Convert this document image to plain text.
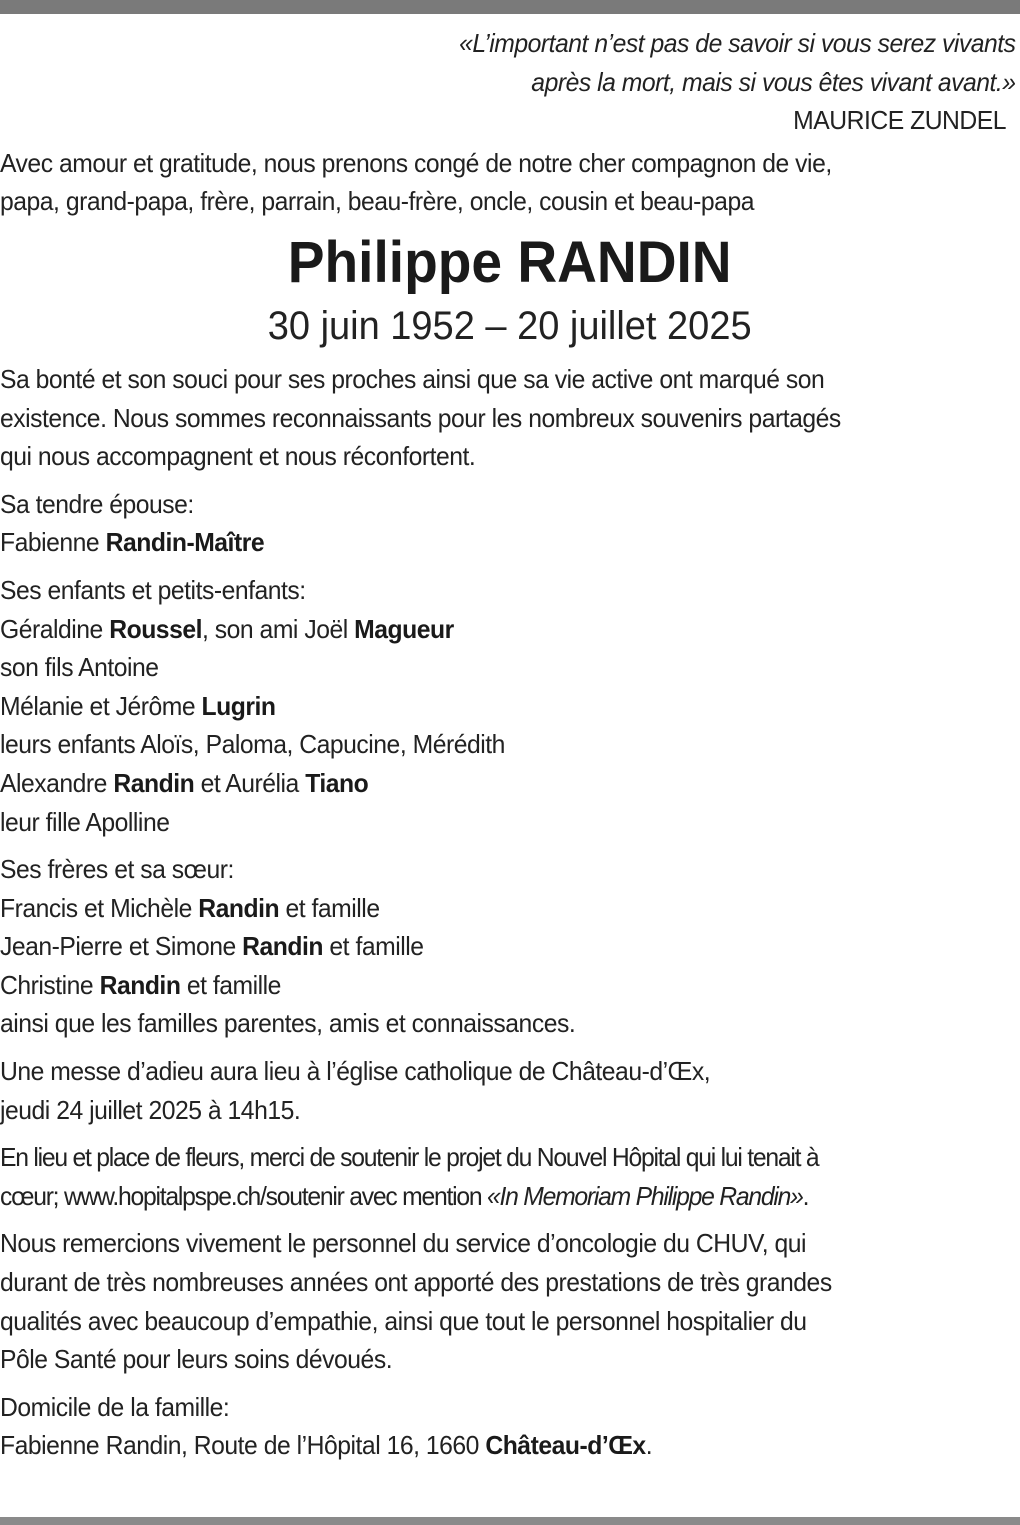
«L’important n’est pas de savoir si vous serez vivants
après la mort, mais si vous êtes vivant avant.»
MAURICE ZUNDEL
Avec amour et gratitude, nous prenons congé de notre cher compagnon de vie,
papa, grand-papa, frère, parrain, beau-frère, oncle, cousin et beau-papa
Philippe RANDIN
30 juin 1952 – 20 juillet 2025
Sa bonté et son souci pour ses proches ainsi que sa vie active ont marqué son
existence. Nous sommes reconnaissants pour les nombreux souvenirs partagés
qui nous accompagnent et nous réconfortent.
Sa tendre épouse:
Fabienne Randin-Maître
Ses enfants et petits-enfants:
Géraldine Roussel, son ami Joël Magueur
son fils Antoine
Mélanie et Jérôme Lugrin
leurs enfants Aloïs, Paloma, Capucine, Mérédith
Alexandre Randin et Aurélia Tiano
leur fille Apolline
Ses frères et sa sœur:
Francis et Michèle Randin et famille
Jean-Pierre et Simone Randin et famille
Christine Randin et famille
ainsi que les familles parentes, amis et connaissances.
Une messe d’adieu aura lieu à l’église catholique de Château-d’Œx,
jeudi 24 juillet 2025 à 14h15.
En lieu et place de fleurs, merci de soutenir le projet du Nouvel Hôpital qui lui tenait à
cœur; www.hopitalpspe.ch/soutenir avec mention «In Memoriam Philippe Randin».
Nous remercions vivement le personnel du service d’oncologie du CHUV, qui
durant de très nombreuses années ont apporté des prestations de très grandes
qualités avec beaucoup d’empathie, ainsi que tout le personnel hospitalier du
Pôle Santé pour leurs soins dévoués.
Domicile de la famille:
Fabienne Randin, Route de l’Hôpital 16, 1660 Château-d’Œx.
